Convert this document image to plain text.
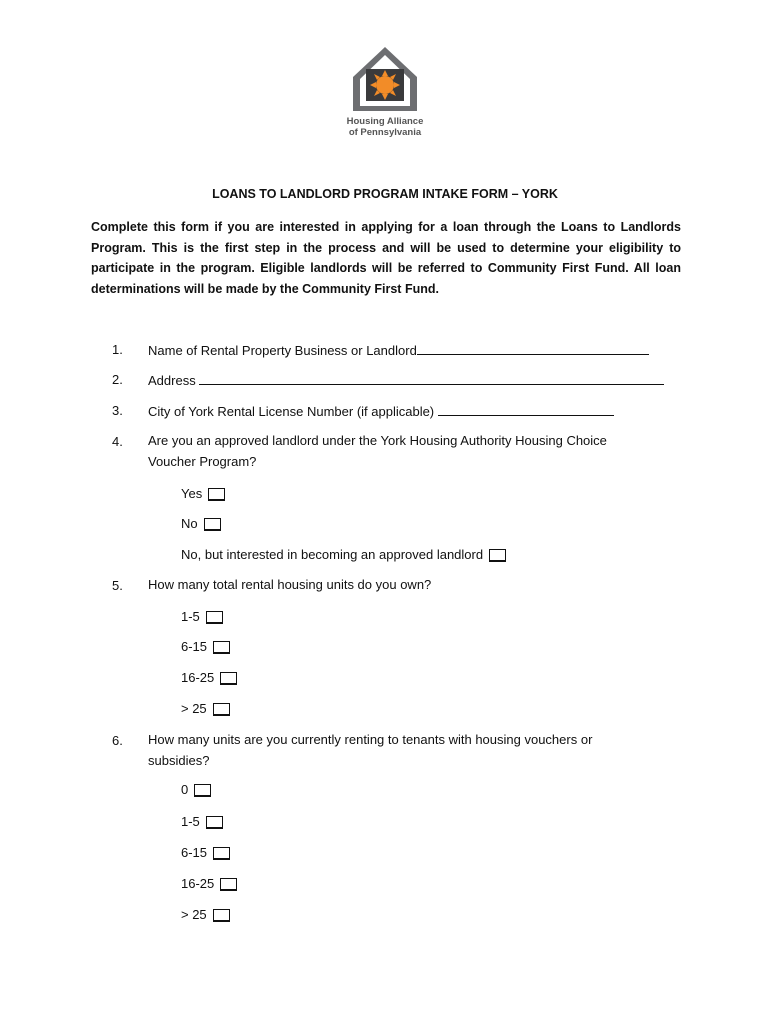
Housing Alliance
of Pennsylvania
LOANS TO LANDLORD PROGRAM INTAKE FORM – YORK
Complete this form if you are interested in applying for a loan through the Loans to Landlords Program. This is the first step in the process and will be used to determine your eligibility to participate in the program. Eligible landlords will be referred to Community First Fund. All loan determinations will be made by the Community First Fund.
1. Name of Rental Property Business or Landlord
2. Address
3. City of York Rental License Number (if applicable)
4. Are you an approved landlord under the York Housing Authority Housing Choice Voucher Program?
Yes
No
No, but interested in becoming an approved landlord
5. How many total rental housing units do you own?
1-5
6-15
16-25
> 25
6. How many units are you currently renting to tenants with housing vouchers or subsidies?
0
1-5
6-15
16-25
> 25
